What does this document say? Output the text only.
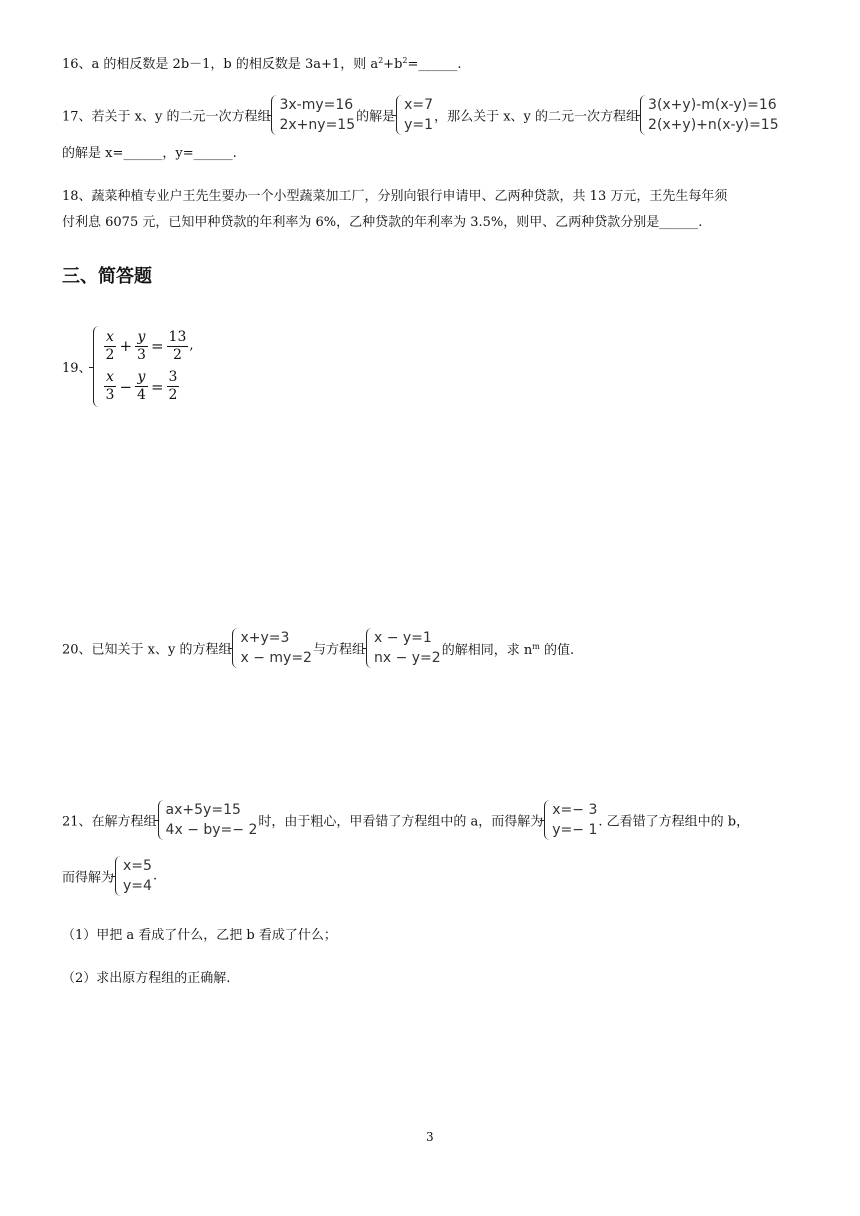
16、a 的相反数是 2b－1，b 的相反数是 3a+1，则 $a^2+b^2=\_\_\_\_\_\_$.
17、若关于 x、y 的二元一次方程组
3x-my=16
2x+ny=15 的解是
x=7
y=1 ，那么关于 x、y 的二元一次方程组
3(x+y)-m(x-y)=16
2(x+y)+n(x-y)=15
的解是 x=______，y=______.
18、蔬菜种植专业户王先生要办一个小型蔬菜加工厂，分别向银行申请甲、乙两种贷款，共 13 万元，王先生每年须
付利息 6075 元，已知甲种贷款的年利率为 6%，乙种贷款的年利率为 3.5%，则甲、乙两种贷款分别是______.
三、简答题
19、
$\frac{x}{2} + \frac{y}{3} = \frac{13}{2}$ ,
$\frac{x}{3} - \frac{y}{4} = \frac{3}{2}$
20、已知关于 x、y 的方程组
x+y=3
x − my=2 与方程组
x − y=1
nx − y=2 的解相同，求 $n^m$ 的值.
21、在解方程组
ax+5y=15
4x − by=− 2 时，由于粗心，甲看错了方程组中的 a，而得解为
x=− 3
y=− 1 . 乙看错了方程组中的 b，
而得解为
x=5
y=4
.
（1）甲把 a 看成了什么，乙把 b 看成了什么；
（2）求出原方程组的正确解.
3
